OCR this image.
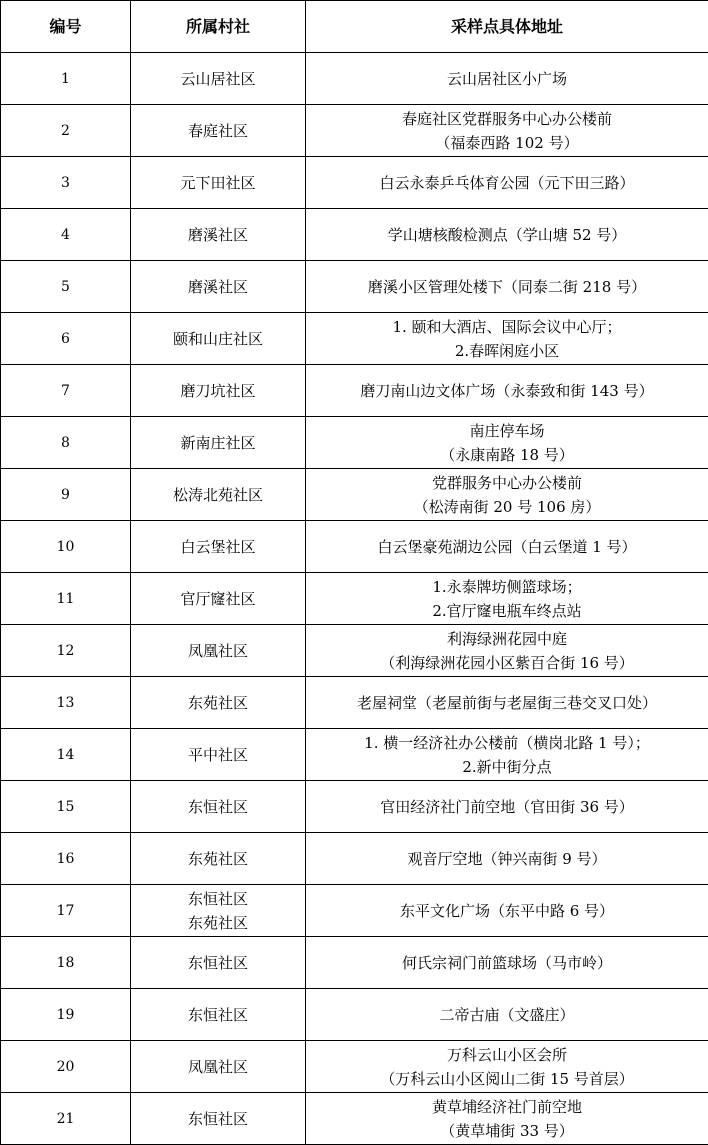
编号	所属村社	采样点具体地址
1	云山居社区	云山居社区小广场

2	春庭社区	春庭社区党群服务中心办公楼前
（福泰西路 102 号）

3	元下田社区	白云永泰乒乓体育公园（元下田三路）

4	磨溪社区	学山塘核酸检测点（学山塘 52 号）

5	磨溪社区	磨溪小区管理处楼下（同泰二街 218 号）

6	颐和山庄社区	1. 颐和大酒店、国际会议中心厅；
2.春晖闲庭小区

7	磨刀坑社区	磨刀南山边文体广场（永泰致和街 143 号）

8	新南庄社区	南庄停车场
（永康南路 18 号）

9	松涛北苑社区	党群服务中心办公楼前
（松涛南街 20 号 106 房）

10	白云堡社区	白云堡豪苑湖边公园（白云堡道 1 号）

11	官厅窿社区	1.永泰牌坊侧篮球场；
2.官厅窿电瓶车终点站

12	凤凰社区	利海绿洲花园中庭
（利海绿洲花园小区紫百合街 16 号）

13	东苑社区	老屋祠堂（老屋前街与老屋街三巷交叉口处）

14	平中社区	1. 横一经济社办公楼前（横岗北路 1 号）；
2.新中街分点

15	东恒社区	官田经济社门前空地（官田街 36 号）

16	东苑社区	观音厅空地（钟兴南街 9 号）

17	东恒社区
东苑社区	东平文化广场（东平中路 6 号）

18	东恒社区	何氏宗祠门前篮球场（马市岭）

19	东恒社区	二帝古庙（文盛庄）

20	凤凰社区	万科云山小区会所
（万科云山小区阅山二街 15 号首层）

21	东恒社区	黄草埔经济社门前空地
（黄草埔街 33 号）
